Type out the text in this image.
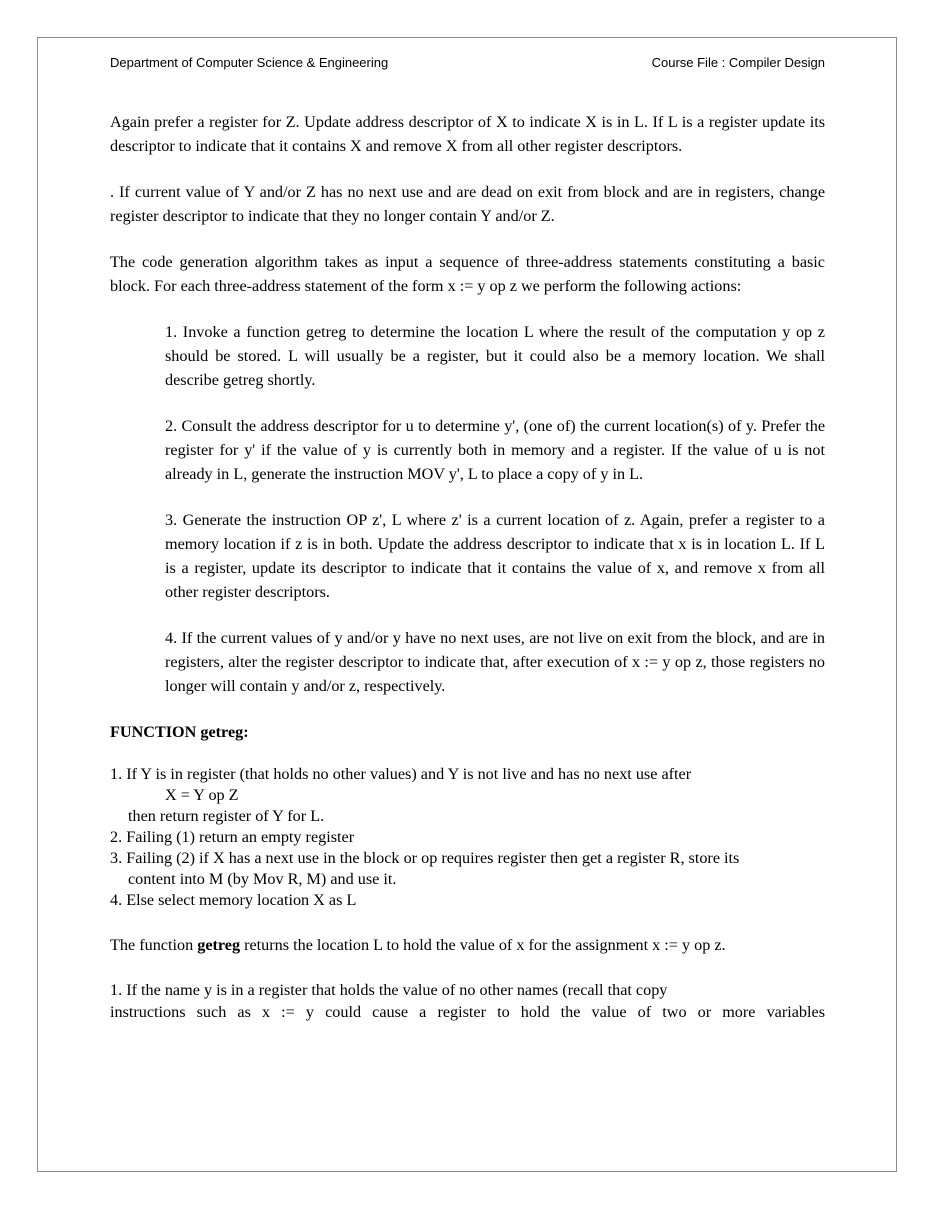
Department of Computer Science & Engineering	Course File : Compiler Design

Again prefer a register for Z. Update address descriptor of X to indicate X is in L. If L is a register update its descriptor to indicate that it contains X and remove X from all other register descriptors.

. If current value of Y and/or Z has no next use and are dead on exit from block and are in registers, change register descriptor to indicate that they no longer contain Y and/or Z.

The code generation algorithm takes as input a sequence of three-address statements constituting a basic block. For each three-address statement of the form x := y op z we perform the following actions:

1. Invoke a function getreg to determine the location L where the result of the computation y op z should be stored. L will usually be a register, but it could also be a memory location. We shall describe getreg shortly.

2. Consult the address descriptor for u to determine y', (one of) the current location(s) of y. Prefer the register for y' if the value of y is currently both in memory and a register. If the value of u is not already in L, generate the instruction MOV y', L to place a copy of y in L.

3. Generate the instruction OP z', L where z' is a current location of z. Again, prefer a register to a memory location if z is in both. Update the address descriptor to indicate that x is in location L. If L is a register, update its descriptor to indicate that it contains the value of x, and remove x from all other register descriptors.

4. If the current values of y and/or y have no next uses, are not live on exit from the block, and are in registers, alter the register descriptor to indicate that, after execution of x := y op z, those registers no longer will contain y and/or z, respectively.

FUNCTION getreg:

1. If Y is in register (that holds no other values) and Y is not live and has no next use after
X = Y op Z
then return register of Y for L.
2. Failing (1) return an empty register
3. Failing (2) if X has a next use in the block or op requires register then get a register R, store its
content into M (by Mov R, M) and use it.
4. Else select memory location X as L

The function getreg returns the location L to hold the value of x for the assignment x := y op z.

1. If the name y is in a register that holds the value of no other names (recall that copy
instructions such as x := y could cause a register to hold the value of two or more variables
